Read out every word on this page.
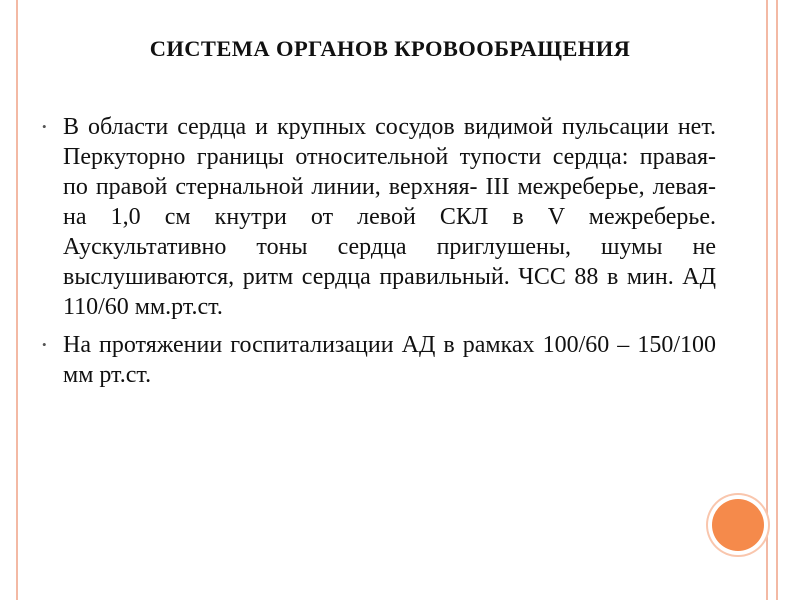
СИСТЕМА ОРГАНОВ КРОВООБРАЩЕНИЯ
• В области сердца и крупных сосудов видимой пульсации нет. Перкуторно границы относительной тупости сердца: правая- по правой стернальной линии, верхняя- III межреберье, левая- на 1,0 см кнутри от левой СКЛ в V межреберье. Аускультативно тоны сердца приглушены, шумы не выслушиваются, ритм сердца правильный. ЧСС 88 в мин. АД 110/60 мм.рт.ст.
• На протяжении госпитализации АД в рамках 100/60 – 150/100 мм рт.ст.
